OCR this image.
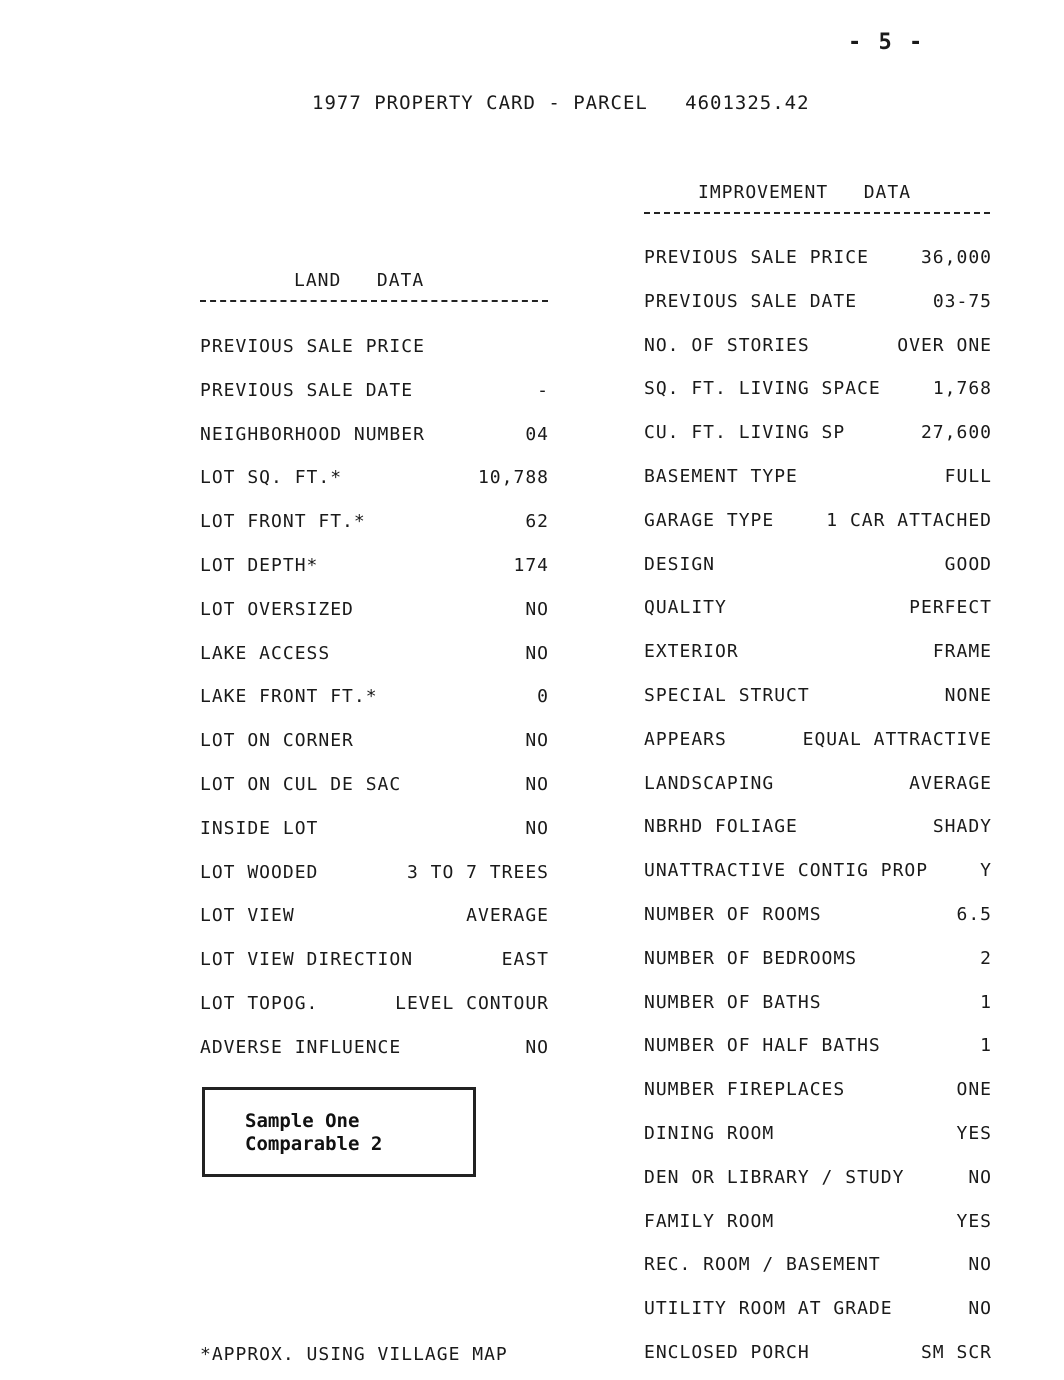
- 5 -
1977 PROPERTY CARD - PARCEL   4601325.42
IMPROVEMENT   DATA
LAND   DATA
PREVIOUS SALE PRICE
PREVIOUS SALE DATE	-
NEIGHBORHOOD NUMBER	04
LOT SQ. FT.*	10,788
LOT FRONT FT.*	62
LOT DEPTH*	174
LOT OVERSIZED	NO
LAKE ACCESS	NO
LAKE FRONT FT.*	0
LOT ON CORNER	NO
LOT ON CUL DE SAC	NO
INSIDE LOT	NO
LOT WOODED	3 TO 7 TREES
LOT VIEW	AVERAGE
LOT VIEW DIRECTION	EAST
LOT TOPOG.	LEVEL CONTOUR
ADVERSE INFLUENCE	NO
PREVIOUS SALE PRICE	36,000
PREVIOUS SALE DATE	03-75
NO. OF STORIES	OVER ONE
SQ. FT. LIVING SPACE	1,768
CU. FT. LIVING SP	27,600
BASEMENT TYPE	FULL
GARAGE TYPE	1 CAR ATTACHED
DESIGN	GOOD
QUALITY	PERFECT
EXTERIOR	FRAME
SPECIAL STRUCT	NONE
APPEARS	EQUAL ATTRACTIVE
LANDSCAPING	AVERAGE
NBRHD FOLIAGE	SHADY
UNATTRACTIVE CONTIG PROP	Y
NUMBER OF ROOMS	6.5
NUMBER OF BEDROOMS	2
NUMBER OF BATHS	1
NUMBER OF HALF BATHS	1
NUMBER FIREPLACES	ONE
DINING ROOM	YES
DEN OR LIBRARY / STUDY	NO
FAMILY ROOM	YES
REC. ROOM / BASEMENT	NO
UTILITY ROOM AT GRADE	NO
ENCLOSED PORCH	SM SCR
Sample One
Comparable 2
*APPROX. USING VILLAGE MAP
